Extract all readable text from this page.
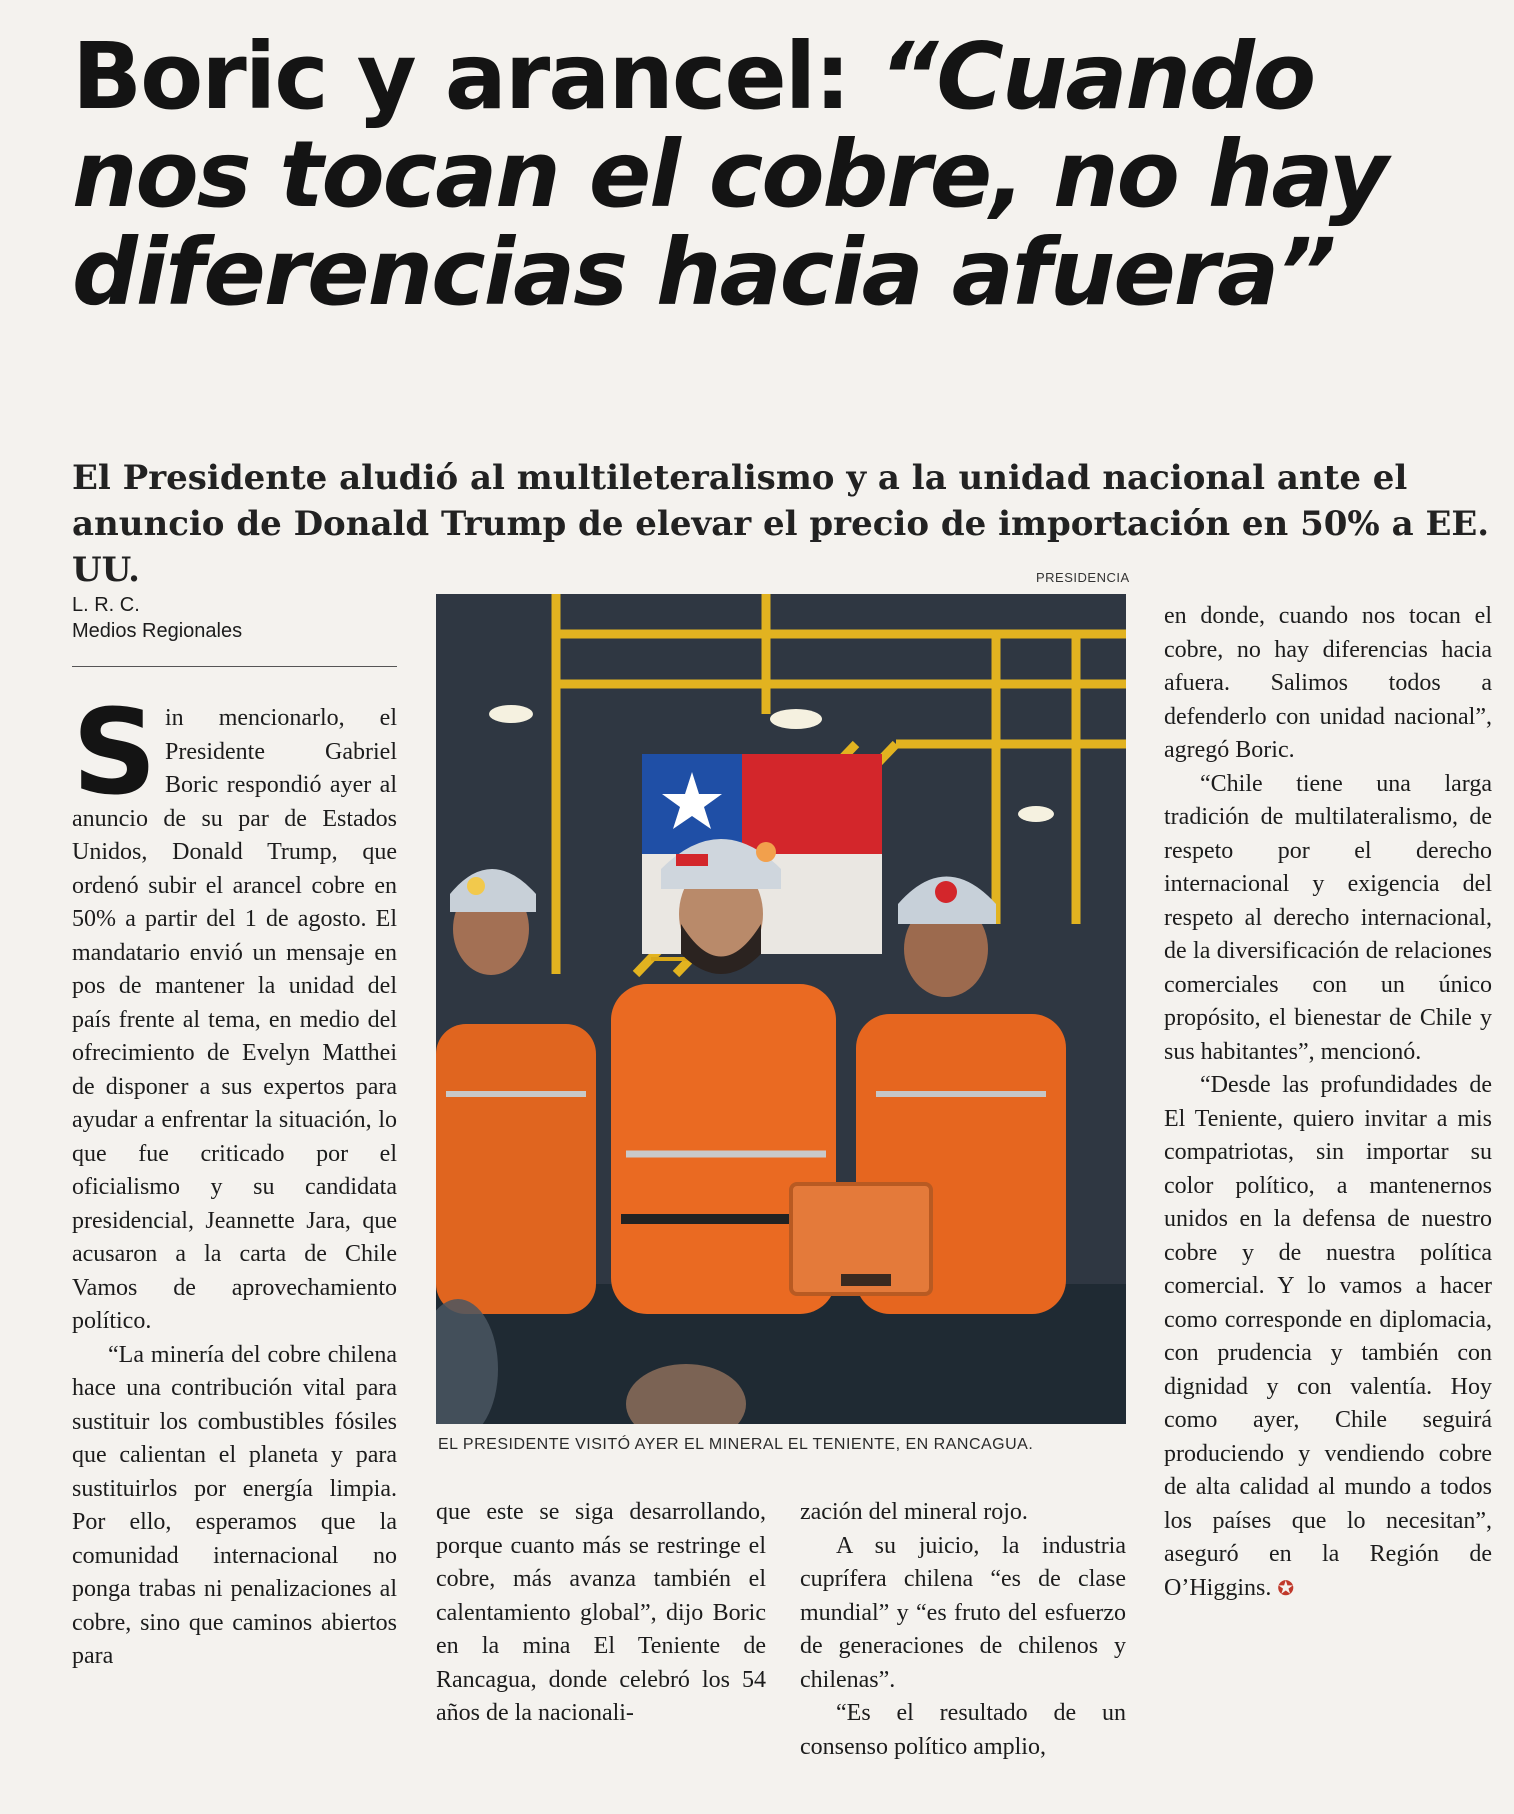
Boric y arancel: “Cuando nos tocan el cobre, no hay diferencias hacia afuera”

El Presidente aludió al multileteralismo y a la unidad nacional ante el anuncio de Donald Trump de elevar el precio de importación en 50% a EE. UU.

L. R. C.
Medios Regionales

Sin mencionarlo, el Presidente Gabriel Boric respondió ayer al anuncio de su par de Estados Unidos, Donald Trump, que ordenó subir el arancel cobre en 50% a partir del 1 de agosto. El mandatario envió un mensaje en pos de mantener la unidad del país frente al tema, en medio del ofrecimiento de Evelyn Matthei de disponer a sus expertos para ayudar a enfrentar la situación, lo que fue criticado por el oficialismo y su candidata presidencial, Jeannette Jara, que acusaron a la carta de Chile Vamos de aprovechamiento político.

“La minería del cobre chilena hace una contribución vital para sustituir los combustibles fósiles que calientan el planeta y para sustituirlos por energía limpia. Por ello, esperamos que la comunidad internacional no ponga trabas ni penalizaciones al cobre, sino que caminos abiertos para

PRESIDENCIA
EL PRESIDENTE VISITÓ AYER EL MINERAL EL TENIENTE, EN RANCAGUA.

que este se siga desarrollando, porque cuanto más se restringe el cobre, más avanza también el calentamiento global”, dijo Boric en la mina El Teniente de Rancagua, donde celebró los 54 años de la nacionali-

zación del mineral rojo.

A su juicio, la industria cuprífera chilena “es de clase mundial” y “es fruto del esfuerzo de generaciones de chilenos y chilenas”.

“Es el resultado de un consenso político amplio,

en donde, cuando nos tocan el cobre, no hay diferencias hacia afuera. Salimos todos a defenderlo con unidad nacional”, agregó Boric.

“Chile tiene una larga tradición de multilateralismo, de respeto por el derecho internacional y exigencia del respeto al derecho internacional, de la diversificación de relaciones comerciales con un único propósito, el bienestar de Chile y sus habitantes”, mencionó.

“Desde las profundidades de El Teniente, quiero invitar a mis compatriotas, sin importar su color político, a mantenernos unidos en la defensa de nuestro cobre y de nuestra política comercial. Y lo vamos a hacer como corresponde en diplomacia, con prudencia y también con dignidad y con valentía. Hoy como ayer, Chile seguirá produciendo y vendiendo cobre de alta calidad al mundo a todos los países que lo necesitan”, aseguró en la Región de O’Higgins. ✪
